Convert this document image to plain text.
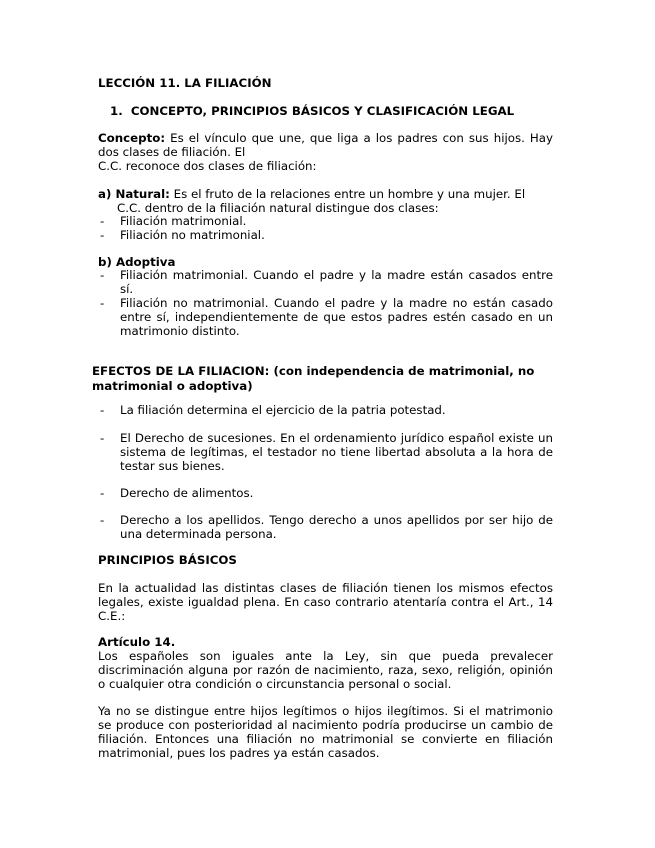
LECCIÓN 11. LA FILIACIÓN

1. CONCEPTO, PRINCIPIOS BÁSICOS Y CLASIFICACIÓN LEGAL

Concepto: Es el vínculo que une, que liga a los padres con sus hijos. Hay dos clases de filiación. El

C.C. reconoce dos clases de filiación:

a) Natural: Es el fruto de la relaciones entre un hombre y una mujer. El

C.C. dentro de la filiación natural distingue dos clases:

- Filiación matrimonial.

- Filiación no matrimonial.

b) Adoptiva

- Filiación matrimonial. Cuando el padre y la madre están casados entre sí.

- Filiación no matrimonial. Cuando el padre y la madre no están casado entre sí, independientemente de que estos padres estén casado en un matrimonio distinto.

EFECTOS DE LA FILIACION: (con independencia de matrimonial, no matrimonial o adoptiva)

- La filiación determina el ejercicio de la patria potestad.

- El Derecho de sucesiones. En el ordenamiento jurídico español existe un sistema de legítimas, el testador no tiene libertad absoluta a la hora de testar sus bienes.

- Derecho de alimentos.

- Derecho a los apellidos. Tengo derecho a unos apellidos por ser hijo de una determinada persona.

PRINCIPIOS BÁSICOS

En la actualidad las distintas clases de filiación tienen los mismos efectos legales, existe igualdad plena. En caso contrario atentaría contra el Art., 14 C.E.:

Artículo 14.

Los españoles son iguales ante la Ley, sin que pueda prevalecer discriminación alguna por razón de nacimiento, raza, sexo, religión, opinión o cualquier otra condición o circunstancia personal o social.

Ya no se distingue entre hijos legítimos o hijos ilegítimos. Si el matrimonio se produce con posterioridad al nacimiento podría producirse un cambio de filiación. Entonces una filiación no matrimonial se convierte en filiación matrimonial, pues los padres ya están casados.
